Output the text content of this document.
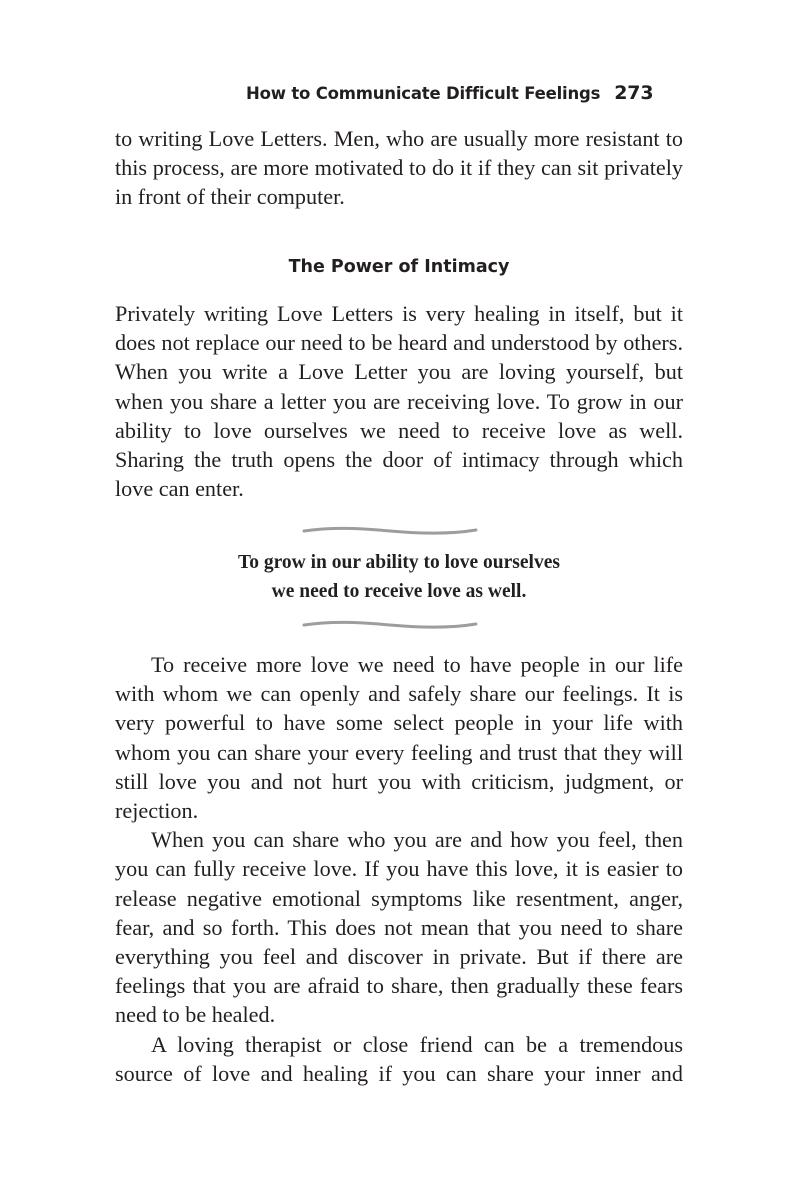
How to Communicate Difficult Feelings 273

to writing Love Letters. Men, who are usually more resistant to this process, are more motivated to do it if they can sit privately in front of their computer.

The Power of Intimacy

Privately writing Love Letters is very healing in itself, but it does not replace our need to be heard and understood by others. When you write a Love Letter you are loving yourself, but when you share a letter you are receiving love. To grow in our ability to love ourselves we need to receive love as well. Sharing the truth opens the door of intimacy through which love can enter.

To grow in our ability to love ourselves
we need to receive love as well.

To receive more love we need to have people in our life with whom we can openly and safely share our feelings. It is very powerful to have some select people in your life with whom you can share your every feeling and trust that they will still love you and not hurt you with criticism, judgment, or rejection.

When you can share who you are and how you feel, then you can fully receive love. If you have this love, it is easier to release negative emotional symptoms like resentment, anger, fear, and so forth. This does not mean that you need to share everything you feel and discover in private. But if there are feelings that you are afraid to share, then gradually these fears need to be healed.

A loving therapist or close friend can be a tremendous source of love and healing if you can share your inner and
